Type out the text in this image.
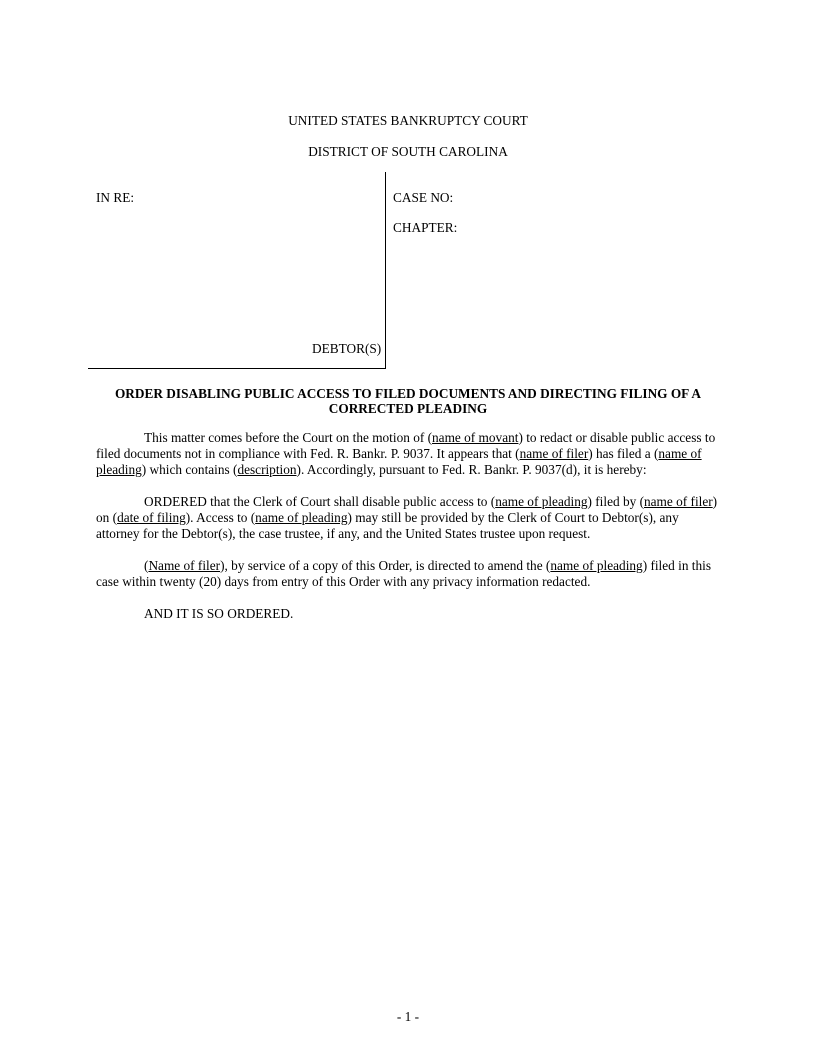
UNITED STATES BANKRUPTCY COURT
DISTRICT OF SOUTH CAROLINA
IN RE:	CASE NO:
CHAPTER:
DEBTOR(S)
ORDER DISABLING PUBLIC ACCESS TO FILED DOCUMENTS AND DIRECTING FILING OF A CORRECTED PLEADING

This matter comes before the Court on the motion of (name of movant) to redact or disable public access to filed documents not in compliance with Fed. R. Bankr. P. 9037. It appears that (name of filer) has filed a (name of pleading) which contains (description). Accordingly, pursuant to Fed. R. Bankr. P. 9037(d), it is hereby:

ORDERED that the Clerk of Court shall disable public access to (name of pleading) filed by (name of filer) on (date of filing). Access to (name of pleading) may still be provided by the Clerk of Court to Debtor(s), any attorney for the Debtor(s), the case trustee, if any, and the United States trustee upon request.

(Name of filer), by service of a copy of this Order, is directed to amend the (name of pleading) filed in this case within twenty (20) days from entry of this Order with any privacy information redacted.

AND IT IS SO ORDERED.

- 1 -
